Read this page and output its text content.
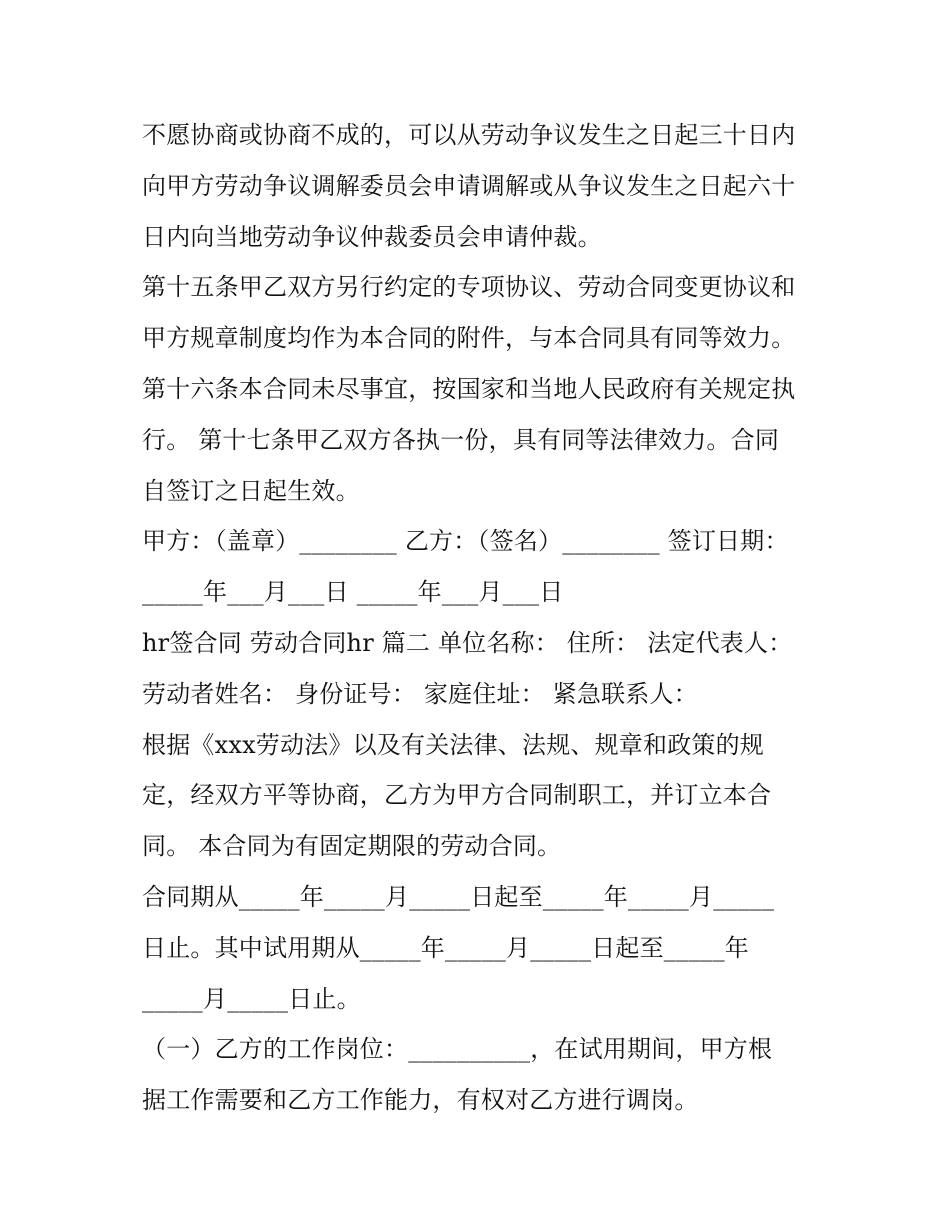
不愿协商或协商不成的，可以从劳动争议发生之日起三十日内
向甲方劳动争议调解委员会申请调解或从争议发生之日起六十
日内向当地劳动争议仲裁委员会申请仲裁。
第十五条甲乙双方另行约定的专项协议、劳动合同变更协议和
甲方规章制度均作为本合同的附件，与本合同具有同等效力。
第十六条本合同未尽事宜，按国家和当地人民政府有关规定执
行。 第十七条甲乙双方各执一份，具有同等法律效力。合同
自签订之日起生效。
甲方：（盖章）________ 乙方：（签名）________ 签订日期：
_____年___月___日 _____年___月___日
hr签合同 劳动合同hr 篇二 单位名称： 住所： 法定代表人：
劳动者姓名： 身份证号： 家庭住址： 紧急联系人：
根据《xxx劳动法》以及有关法律、法规、规章和政策的规
定，经双方平等协商，乙方为甲方合同制职工，并订立本合
同。 本合同为有固定期限的劳动合同。
合同期从_____年_____月_____日起至_____年_____月_____
日止。其中试用期从_____年_____月_____日起至_____年
_____月_____日止。
（一）乙方的工作岗位：__________，在试用期间，甲方根
据工作需要和乙方工作能力，有权对乙方进行调岗。
